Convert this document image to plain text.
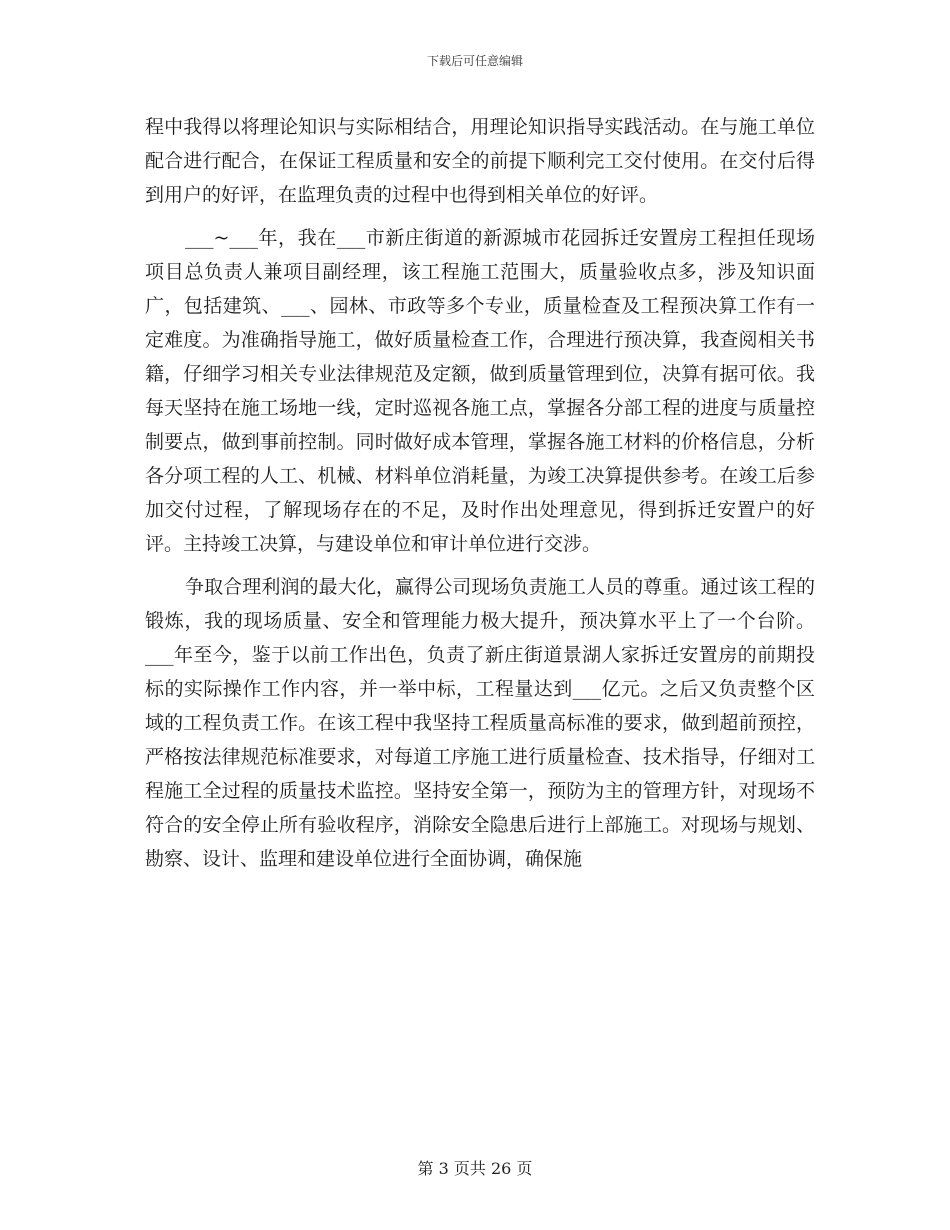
下载后可任意编辑

程中我得以将理论知识与实际相结合，用理论知识指导实践活动。在与施工单位配合进行配合，在保证工程质量和安全的前提下顺利完工交付使用。在交付后得到用户的好评，在监理负责的过程中也得到相关单位的好评。

___~___年，我在___市新庄街道的新源城市花园拆迁安置房工程担任现场项目总负责人兼项目副经理，该工程施工范围大，质量验收点多，涉及知识面广，包括建筑、___、园林、市政等多个专业，质量检查及工程预决算工作有一定难度。为准确指导施工，做好质量检查工作，合理进行预决算，我查阅相关书籍，仔细学习相关专业法律规范及定额，做到质量管理到位，决算有据可依。我每天坚持在施工场地一线，定时巡视各施工点，掌握各分部工程的进度与质量控制要点，做到事前控制。同时做好成本管理，掌握各施工材料的价格信息，分析各分项工程的人工、机械、材料单位消耗量，为竣工决算提供参考。在竣工后参加交付过程，了解现场存在的不足，及时作出处理意见，得到拆迁安置户的好评。主持竣工决算，与建设单位和审计单位进行交涉。

争取合理利润的最大化，赢得公司现场负责施工人员的尊重。通过该工程的锻炼，我的现场质量、安全和管理能力极大提升，预决算水平上了一个台阶。___年至今，鉴于以前工作出色，负责了新庄街道景湖人家拆迁安置房的前期投标的实际操作工作内容，并一举中标，工程量达到___亿元。之后又负责整个区域的工程负责工作。在该工程中我坚持工程质量高标准的要求，做到超前预控，严格按法律规范标准要求，对每道工序施工进行质量检查、技术指导，仔细对工程施工全过程的质量技术监控。坚持安全第一，预防为主的管理方针，对现场不符合的安全停止所有验收程序，消除安全隐患后进行上部施工。对现场与规划、勘察、设计、监理和建设单位进行全面协调，确保施

第 3 页共 26 页
